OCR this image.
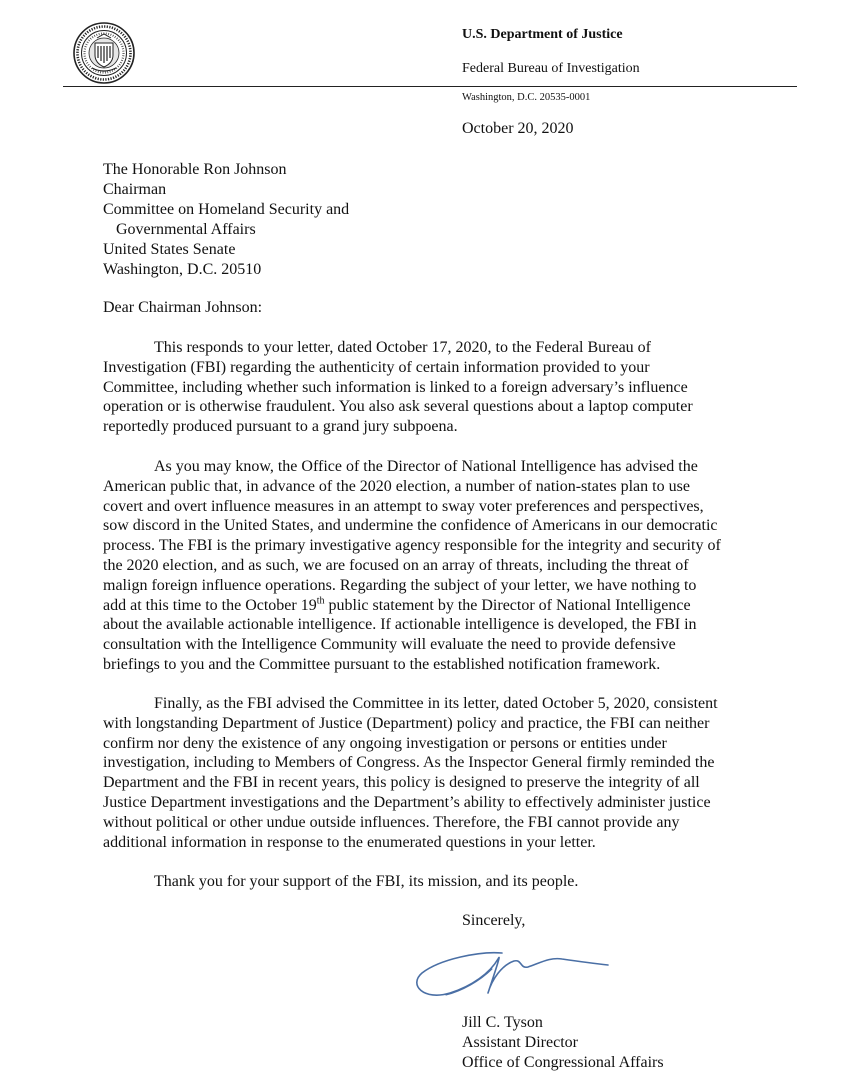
U.S. Department of Justice
Federal Bureau of Investigation
Washington, D.C. 20535-0001
October 20, 2020
The Honorable Ron Johnson
Chairman
Committee on Homeland Security and
Governmental Affairs
United States Senate
Washington, D.C. 20510
Dear Chairman Johnson:
This responds to your letter, dated October 17, 2020, to the Federal Bureau of
Investigation (FBI) regarding the authenticity of certain information provided to your
Committee, including whether such information is linked to a foreign adversary’s influence
operation or is otherwise fraudulent. You also ask several questions about a laptop computer
reportedly produced pursuant to a grand jury subpoena.
As you may know, the Office of the Director of National Intelligence has advised the
American public that, in advance of the 2020 election, a number of nation-states plan to use
covert and overt influence measures in an attempt to sway voter preferences and perspectives,
sow discord in the United States, and undermine the confidence of Americans in our democratic
process. The FBI is the primary investigative agency responsible for the integrity and security of
the 2020 election, and as such, we are focused on an array of threats, including the threat of
malign foreign influence operations. Regarding the subject of your letter, we have nothing to
add at this time to the October 19th public statement by the Director of National Intelligence
about the available actionable intelligence. If actionable intelligence is developed, the FBI in
consultation with the Intelligence Community will evaluate the need to provide defensive
briefings to you and the Committee pursuant to the established notification framework.
Finally, as the FBI advised the Committee in its letter, dated October 5, 2020, consistent
with longstanding Department of Justice (Department) policy and practice, the FBI can neither
confirm nor deny the existence of any ongoing investigation or persons or entities under
investigation, including to Members of Congress. As the Inspector General firmly reminded the
Department and the FBI in recent years, this policy is designed to preserve the integrity of all
Justice Department investigations and the Department’s ability to effectively administer justice
without political or other undue outside influences. Therefore, the FBI cannot provide any
additional information in response to the enumerated questions in your letter.
Thank you for your support of the FBI, its mission, and its people.
Sincerely,
Jill C. Tyson
Assistant Director
Office of Congressional Affairs
